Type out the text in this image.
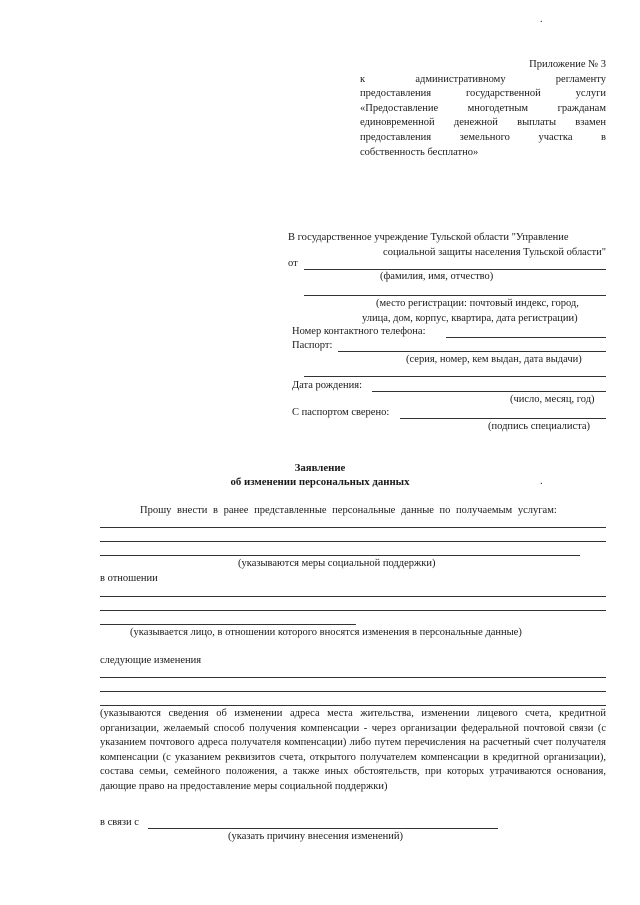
.
Приложение № 3
к административному регламенту
предоставления государственной услуги
«Предоставление многодетным гражданам
единовременной денежной выплаты взамен
предоставления земельного участка в
собственность бесплатно»
В государственное учреждение Тульской области "Управление
социальной защиты населения Тульской области"
от
(фамилия, имя, отчество)
(место регистрации: почтовый индекс, город,
улица, дом, корпус, квартира, дата регистрации)
Номер контактного телефона:
Паспорт:
(серия, номер, кем выдан, дата выдачи)
Дата рождения:
(число, месяц, год)
С паспортом сверено:
(подпись специалиста)
Заявление
об изменении персональных данных	.
Прошу внести в ранее представленные персональные данные по получаемым услугам:
(указываются меры социальной поддержки)
в отношении
(указывается лицо, в отношении которого вносятся изменения в персональные данные)
следующие изменения
(указываются сведения об изменении адреса места жительства, изменении лицевого счета, кредитной организации, желаемый способ получения компенсации - через организации федеральной почтовой связи (с указанием почтового адреса получателя компенсации) либо путем перечисления на расчетный счет получателя компенсации (с указанием реквизитов счета, открытого получателем компенсации в кредитной организации), состава семьи, семейного положения, а также иных обстоятельств, при которых утрачиваются основания, дающие право на предоставление меры социальной поддержки)
в связи с
(указать причину внесения изменений)
